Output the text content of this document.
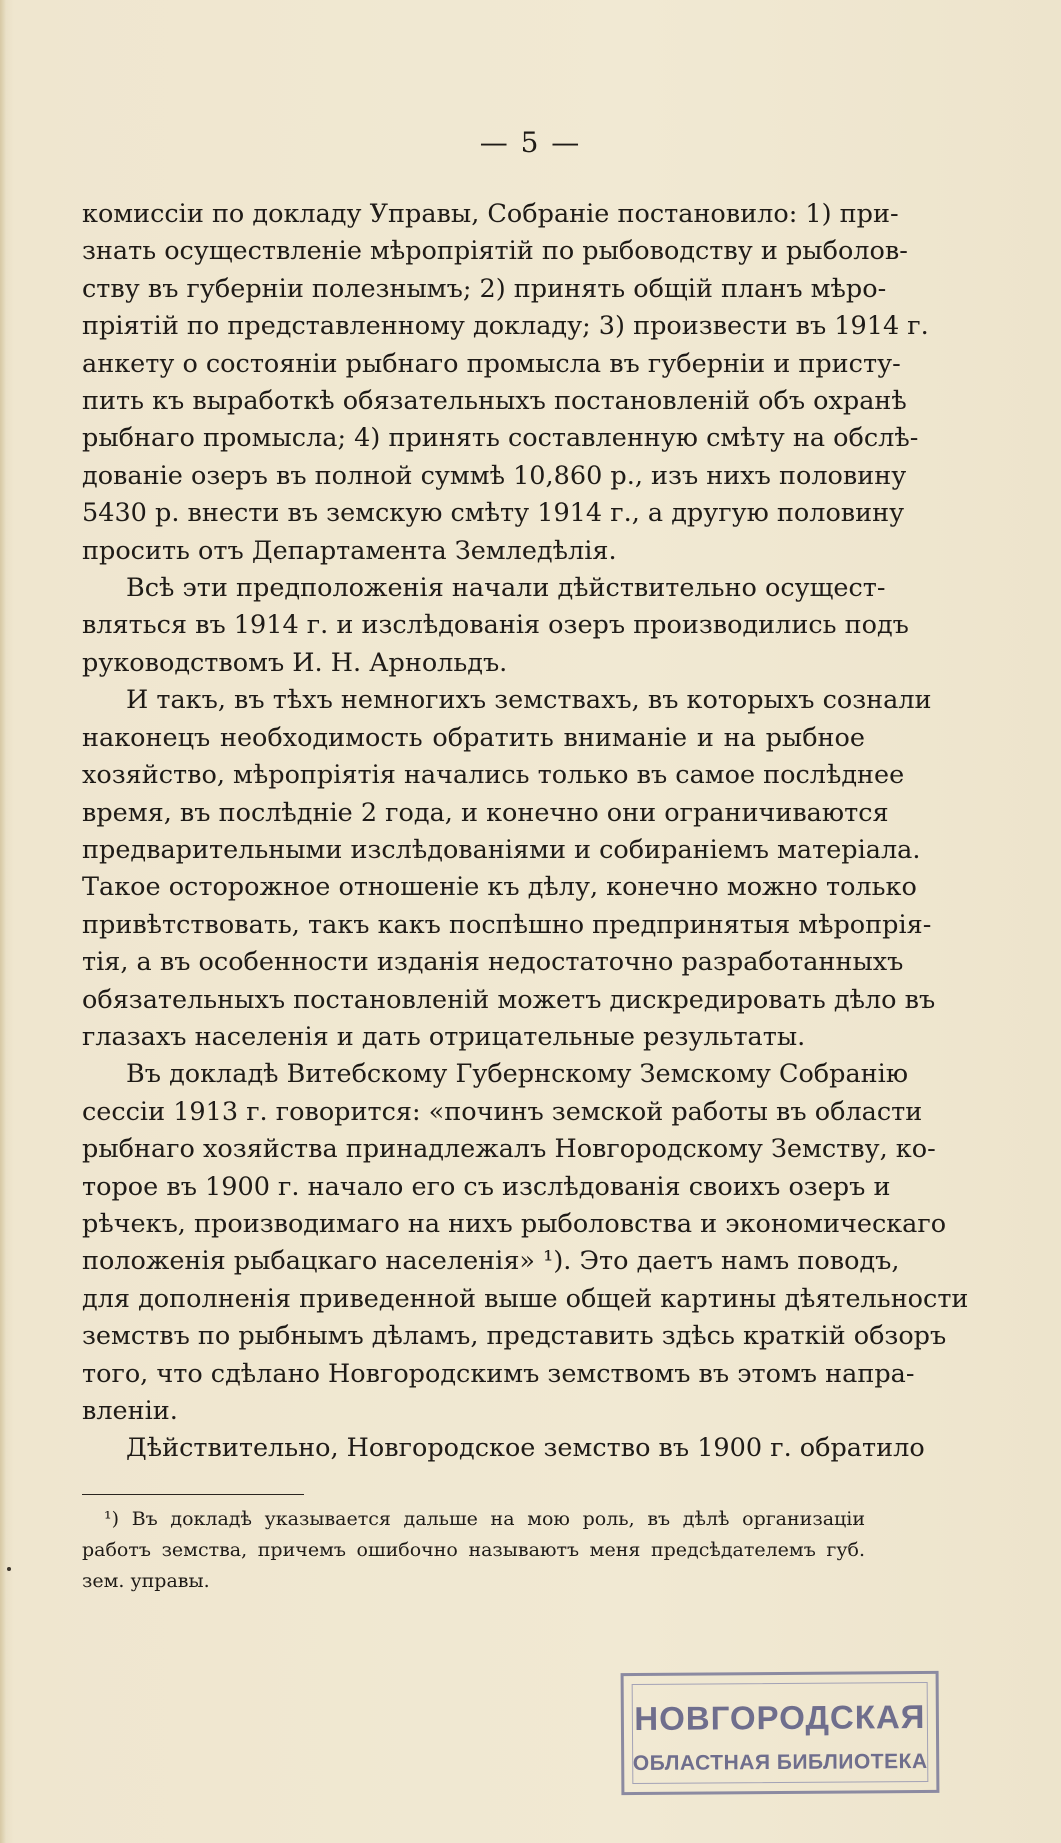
— 5 —
комиссіи по докладу Управы, Собраніе постановило: 1) при-
знать осуществленіе мѣропріятій по рыбоводству и рыболов-
ству въ губерніи полезнымъ; 2) принять общій планъ мѣро-
пріятій по представленному докладу; 3) произвести въ 1914 г.
анкету о состояніи рыбнаго промысла въ губерніи и присту-
пить къ выработкѣ обязательныхъ постановленій объ охранѣ
рыбнаго промысла; 4) принять составленную смѣту на обслѣ-
дованіе озеръ въ полной суммѣ 10,860 р., изъ нихъ половину
5430 р. внести въ земскую смѣту 1914 г., а другую половину
просить отъ Департамента Земледѣлія.
Всѣ эти предположенія начали дѣйствительно осущест-
вляться въ 1914 г. и изслѣдованія озеръ производились подъ
руководствомъ И. Н. Арнольдъ.
И такъ, въ тѣхъ немногихъ земствахъ, въ которыхъ сознали
наконецъ необходимость обратить вниманіе и на рыбное
хозяйство, мѣропріятія начались только въ самое послѣднее
время, въ послѣдніе 2 года, и конечно они ограничиваются
предварительными изслѣдованіями и собираніемъ матеріала.
Такое осторожное отношеніе къ дѣлу, конечно можно только
привѣтствовать, такъ какъ поспѣшно предпринятыя мѣропрія-
тія, а въ особенности изданія недостаточно разработанныхъ
обязательныхъ постановленій можетъ дискредировать дѣло въ
глазахъ населенія и дать отрицательные результаты.
Въ докладѣ Витебскому Губернскому Земскому Собранію
сессіи 1913 г. говорится: «починъ земской работы въ области
рыбнаго хозяйства принадлежалъ Новгородскому Земству, ко-
торое въ 1900 г. начало его съ изслѣдованія своихъ озеръ и
рѣчекъ, производимаго на нихъ рыболовства и экономическаго
положенія рыбацкаго населенія» ¹). Это даетъ намъ поводъ,
для дополненія приведенной выше общей картины дѣятельности
земствъ по рыбнымъ дѣламъ, представить здѣсь краткій обзоръ
того, что сдѣлано Новгородскимъ земствомъ въ этомъ напра-
вленіи.
Дѣйствительно, Новгородское земство въ 1900 г. обратило
¹) Въ докладѣ указывается дальше на мою роль, въ дѣлѣ организаціи
работъ земства, причемъ ошибочно называютъ меня предсѣдателемъ губ.
зем. управы.
НОВГОРОДСКАЯ
ОБЛАСТНАЯ БИБЛИОТЕКА
